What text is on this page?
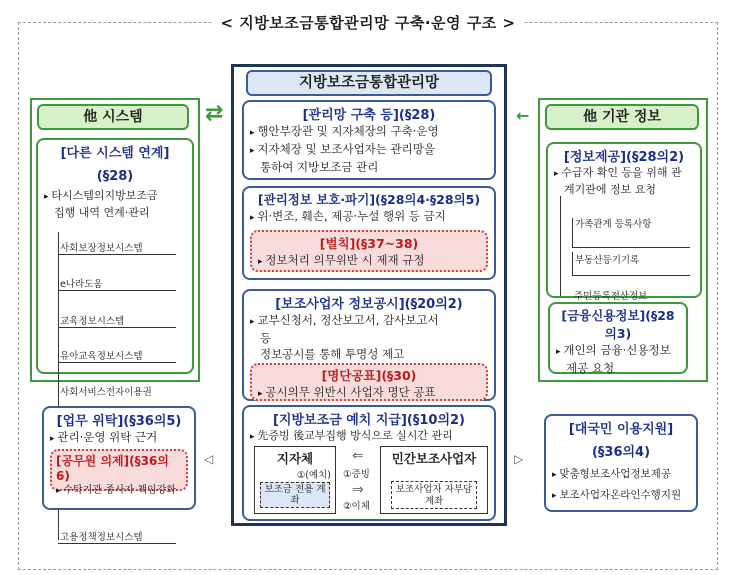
< 지방보조금통합관리망 구축·운영 구조 >
지방보조금통합관리망
[관리망 구축 등](§28)
▸ 행안부장관 및 지자체장의 구축·운영
▸ 지자체장 및 보조사업자는 관리망을
통하여 지방보조금 관리
[관리정보 보호·파기](§28의4·§28의5)
▸ 위·변조, 훼손, 제공·누설 행위 등 금지
[벌칙](§37~38)
▸ 정보처리 의무위반 시 제재 규정
[보조사업자 정보공시](§20의2)
▸ 교부신청서, 정산보고서, 감사보고서
등
정보공시를 통해 투명성 제고
[명단공표](§30)
▸ 공시의무 위반시 사업자 명단 공표
[지방보조금 예치 지급](§10의2)
▸ 先증빙 後교부집행 방식으로 실시간 관리
지자체
①(예치)
보조금 전용 계좌
⇐
①증빙
⇒
②이체
민간보조사업자
보조사업자 자부담계좌
⇄
他 시스템
[다른 시스템 연계]
(§28)
▸ 타시스템의지방보조금
집행 내역 연계·관리
사회보장정보시스템
e나라도움
교육정보시스템
유아교육정보시스템
사회서비스전자이용권
고용정책정보시스템
[업무 위탁](§36의5)
▸ 관리·운영 위탁 근거
[공무원 의제](§36의6)
▸ 수탁기관 종사자 책임강화
◁
←	他 기관 정보
[정보제공](§28의2)
▸ 수급자 확인 등을 위해 관
계기관에 정보 요청
가족관계 등록사항
부동산등기기록
주민등록전산정보
[금융신용정보](§28의3)
▸ 개인의 금융·신용정보
제공 요청
[대국민 이용지원]
(§36의4)
▸ 맞춤형보조사업정보제공
▸ 보조사업자온라인수행지원
▷
